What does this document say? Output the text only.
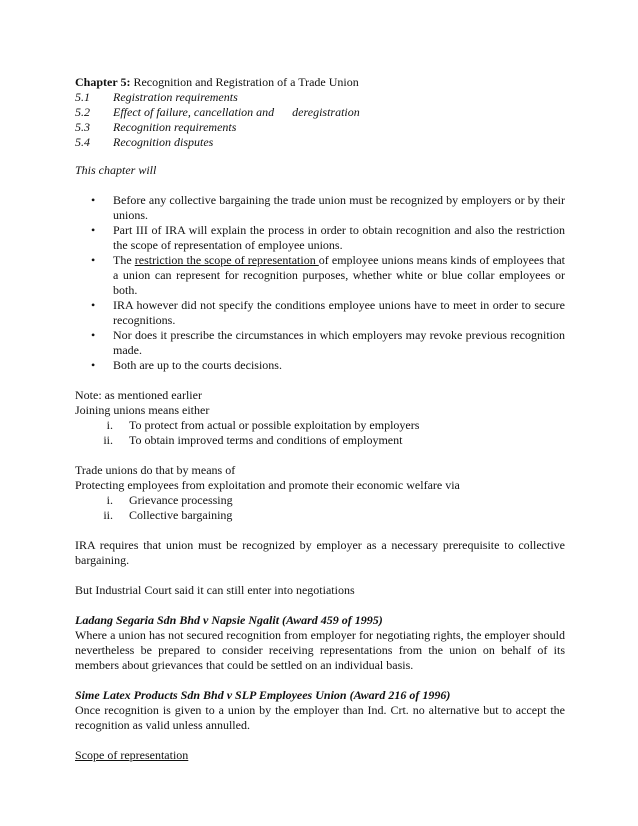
Chapter 5: Recognition and Registration of a Trade Union
5.1	Registration requirements
5.2	Effect of failure, cancellation and      deregistration
5.3	Recognition requirements
5.4	Recognition disputes
This chapter will
• Before any collective bargaining the trade union must be recognized by employers or by their unions.
• Part III of IRA will explain the process in order to obtain recognition and also the restriction the scope of representation of employee unions.
• The restriction the scope of representation of employee unions means kinds of employees that a union can represent for recognition purposes, whether white or blue collar employees or both.
• IRA however did not specify the conditions employee unions have to meet in order to secure recognitions.
• Nor does it prescribe the circumstances in which employers may revoke previous recognition made.
• Both are up to the courts decisions.
Note: as mentioned earlier
Joining unions means either
i.	To protect from actual or possible exploitation by employers
ii.	To obtain improved terms and conditions of employment
Trade unions do that by means of
Protecting employees from exploitation and promote their economic welfare via
i.	Grievance processing
ii.	Collective bargaining
IRA requires that union must be recognized by employer as a necessary prerequisite to collective bargaining.
But Industrial Court said it can still enter into negotiations
Ladang Segaria Sdn Bhd v Napsie Ngalit (Award 459 of 1995)
Where a union has not secured recognition from employer for negotiating rights, the employer should nevertheless be prepared to consider receiving representations from the union on behalf of its members about grievances that could be settled on an individual basis.
Sime Latex Products Sdn Bhd v SLP Employees Union (Award 216 of 1996)
Once recognition is given to a union by the employer than Ind. Crt. no alternative but to accept the recognition as valid unless annulled.
Scope of representation
